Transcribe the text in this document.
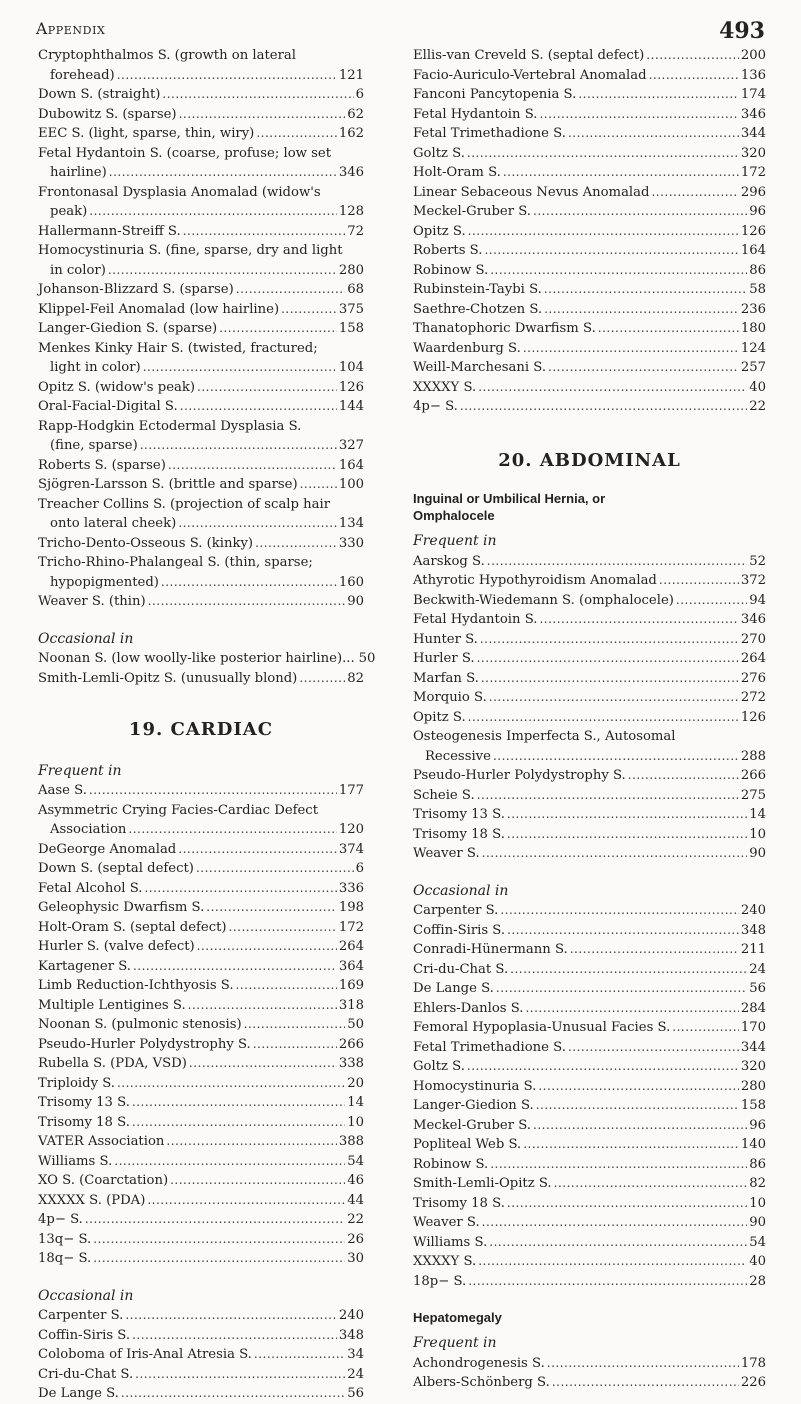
Appendix	493
Cryptophthalmos S. (growth on lateral
forehead) .....	121
Down S. (straight) .....	6
Dubowitz S. (sparse) .....	62
EEC S. (light, sparse, thin, wiry) .....	162
Fetal Hydantoin S. (coarse, profuse; low set
hairline) .....	346
Frontonasal Dysplasia Anomalad (widow's
peak) .....	128
Hallermann-Streiff S. .....	72
Homocystinuria S. (fine, sparse, dry and light
in color) .....	280
Johanson-Blizzard S. (sparse) .....	68
Klippel-Feil Anomalad (low hairline) .....	375
Langer-Giedion S. (sparse) .....	158
Menkes Kinky Hair S. (twisted, fractured;
light in color) .....	104
Opitz S. (widow's peak) .....	126
Oral-Facial-Digital S. .....	144
Rapp-Hodgkin Ectodermal Dysplasia S.
(fine, sparse) .....	327
Roberts S. (sparse) .....	164
Sjögren-Larsson S. (brittle and sparse) .....	100
Treacher Collins S. (projection of scalp hair
onto lateral cheek) .....	134
Tricho-Dento-Osseous S. (kinky) .....	330
Tricho-Rhino-Phalangeal S. (thin, sparse;
hypopigmented) .....	160
Weaver S. (thin) .....	90
Occasional in
Noonan S. (low woolly-like posterior hairline)... 50
Smith-Lemli-Opitz S. (unusually blond) .....	82
19. CARDIAC
Frequent in
Aase S. .....	177
Asymmetric Crying Facies-Cardiac Defect
Association .....	120
DeGeorge Anomalad .....	374
Down S. (septal defect) .....	6
Fetal Alcohol S. .....	336
Geleophysic Dwarfism S. .....	198
Holt-Oram S. (septal defect) .....	172
Hurler S. (valve defect) .....	264
Kartagener S. .....	364
Limb Reduction-Ichthyosis S. .....	169
Multiple Lentigines S. .....	318
Noonan S. (pulmonic stenosis) .....	50
Pseudo-Hurler Polydystrophy S. .....	266
Rubella S. (PDA, VSD) .....	338
Triploidy S. .....	20
Trisomy 13 S. .....	14
Trisomy 18 S. .....	10
VATER Association .....	388
Williams S. .....	54
XO S. (Coarctation) .....	46
XXXXX S. (PDA) .....	44
4p− S. .....	22
13q− S. .....	26
18q− S. .....	30
Occasional in
Carpenter S. .....	240
Coffin-Siris S. .....	348
Coloboma of Iris-Anal Atresia S. .....	34
Cri-du-Chat S. .....	24
De Lange S. .....	56
Ellis-van Creveld S. (septal defect) .....	200
Facio-Auriculo-Vertebral Anomalad .....	136
Fanconi Pancytopenia S. .....	174
Fetal Hydantoin S. .....	346
Fetal Trimethadione S. .....	344
Goltz S. .....	320
Holt-Oram S. .....	172
Linear Sebaceous Nevus Anomalad .....	296
Meckel-Gruber S. .....	96
Opitz S. .....	126
Roberts S. .....	164
Robinow S. .....	86
Rubinstein-Taybi S. .....	58
Saethre-Chotzen S. .....	236
Thanatophoric Dwarfism S. .....	180
Waardenburg S. .....	124
Weill-Marchesani S. .....	257
XXXXY S. .....	40
4p− S. .....	22
20. ABDOMINAL
Inguinal or Umbilical Hernia, or
Omphalocele
Frequent in
Aarskog S. .....	52
Athyrotic Hypothyroidism Anomalad .....	372
Beckwith-Wiedemann S. (omphalocele) .....	94
Fetal Hydantoin S. .....	346
Hunter S. .....	270
Hurler S. .....	264
Marfan S. .....	276
Morquio S. .....	272
Opitz S. .....	126
Osteogenesis Imperfecta S., Autosomal
Recessive .....	288
Pseudo-Hurler Polydystrophy S. .....	266
Scheie S. .....	275
Trisomy 13 S. .....	14
Trisomy 18 S. .....	10
Weaver S. .....	90
Occasional in
Carpenter S. .....	240
Coffin-Siris S. .....	348
Conradi-Hünermann S. .....	211
Cri-du-Chat S. .....	24
De Lange S. .....	56
Ehlers-Danlos S. .....	284
Femoral Hypoplasia-Unusual Facies S. .....	170
Fetal Trimethadione S. .....	344
Goltz S. .....	320
Homocystinuria S. .....	280
Langer-Giedion S. .....	158
Meckel-Gruber S. .....	96
Popliteal Web S. .....	140
Robinow S. .....	86
Smith-Lemli-Opitz S. .....	82
Trisomy 18 S. .....	10
Weaver S. .....	90
Williams S. .....	54
XXXXY S. .....	40
18p− S. .....	28
Hepatomegaly
Frequent in
Achondrogenesis S. .....	178
Albers-Schönberg S. .....	226
